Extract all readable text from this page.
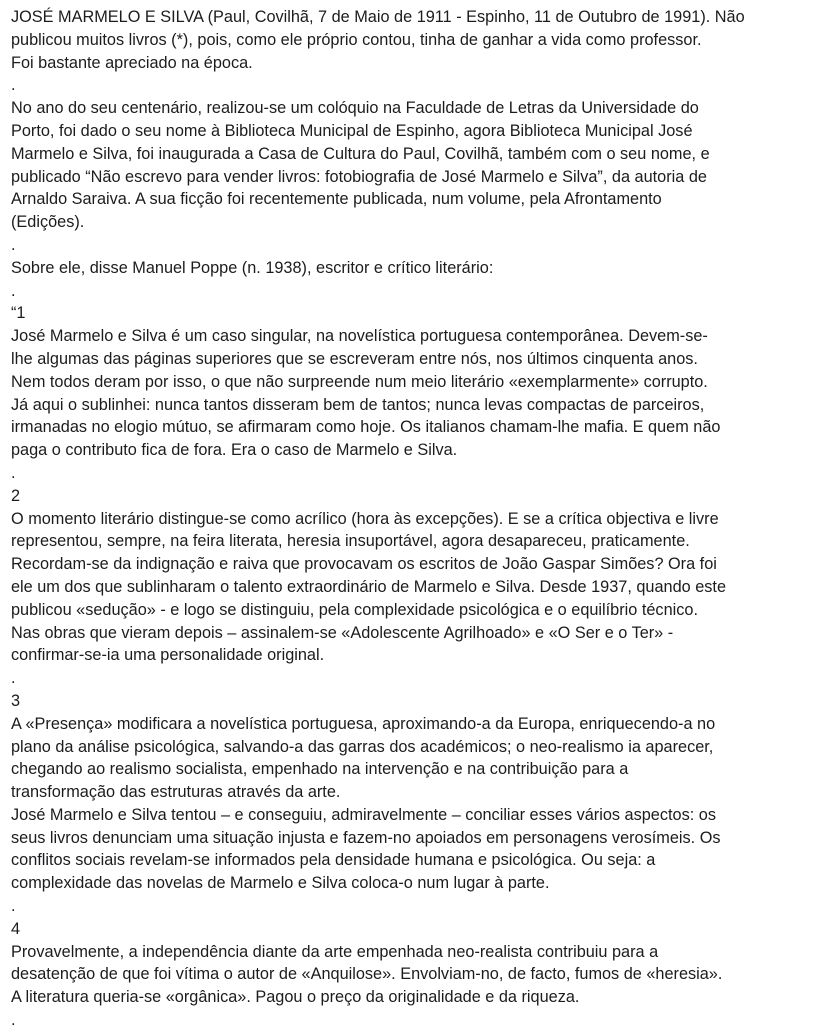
JOSÉ MARMELO E SILVA (Paul, Covilhã, 7 de Maio de 1911 - Espinho, 11 de Outubro de 1991). Não

publicou muitos livros (*), pois, como ele próprio contou, tinha de ganhar a vida como professor.

Foi bastante apreciado na época.

.

No ano do seu centenário, realizou-se um colóquio na Faculdade de Letras da Universidade do

Porto, foi dado o seu nome à Biblioteca Municipal de Espinho, agora Biblioteca Municipal José

Marmelo e Silva, foi inaugurada a Casa de Cultura do Paul, Covilhã, também com o seu nome, e

publicado “Não escrevo para vender livros: fotobiografia de José Marmelo e Silva”, da autoria de

Arnaldo Saraiva. A sua ficção foi recentemente publicada, num volume, pela Afrontamento

(Edições).

.

Sobre ele, disse Manuel Poppe (n. 1938), escritor e crítico literário:

.

“1

José Marmelo e Silva é um caso singular, na novelística portuguesa contemporânea. Devem-se-

lhe algumas das páginas superiores que se escreveram entre nós, nos últimos cinquenta anos.

Nem todos deram por isso, o que não surpreende num meio literário «exemplarmente» corrupto.

Já aqui o sublinhei: nunca tantos disseram bem de tantos; nunca levas compactas de parceiros,

irmanadas no elogio mútuo, se afirmaram como hoje. Os italianos chamam-lhe mafia. E quem não

paga o contributo fica de fora. Era o caso de Marmelo e Silva.

.

2

O momento literário distingue-se como acrílico (hora às excepções). E se a crítica objectiva e livre

representou, sempre, na feira literata, heresia insuportável, agora desapareceu, praticamente.

Recordam-se da indignação e raiva que provocavam os escritos de João Gaspar Simões? Ora foi

ele um dos que sublinharam o talento extraordinário de Marmelo e Silva. Desde 1937, quando este

publicou «sedução» - e logo se distinguiu, pela complexidade psicológica e o equilíbrio técnico.

Nas obras que vieram depois – assinalem-se «Adolescente Agrilhoado» e «O Ser e o Ter» -

confirmar-se-ia uma personalidade original.

.

3

A «Presença» modificara a novelística portuguesa, aproximando-a da Europa, enriquecendo-a no

plano da análise psicológica, salvando-a das garras dos académicos; o neo-realismo ia aparecer,

chegando ao realismo socialista, empenhado na intervenção e na contribuição para a

transformação das estruturas através da arte.

José Marmelo e Silva tentou – e conseguiu, admiravelmente – conciliar esses vários aspectos: os

seus livros denunciam uma situação injusta e fazem-no apoiados em personagens verosímeis. Os

conflitos sociais revelam-se informados pela densidade humana e psicológica. Ou seja: a

complexidade das novelas de Marmelo e Silva coloca-o num lugar à parte.

.

4

Provavelmente, a independência diante da arte empenhada neo-realista contribuiu para a

desatenção de que foi vítima o autor de «Anquilose». Envolviam-no, de facto, fumos de «heresia».

A literatura queria-se «orgânica». Pagou o preço da originalidade e da riqueza.

.
